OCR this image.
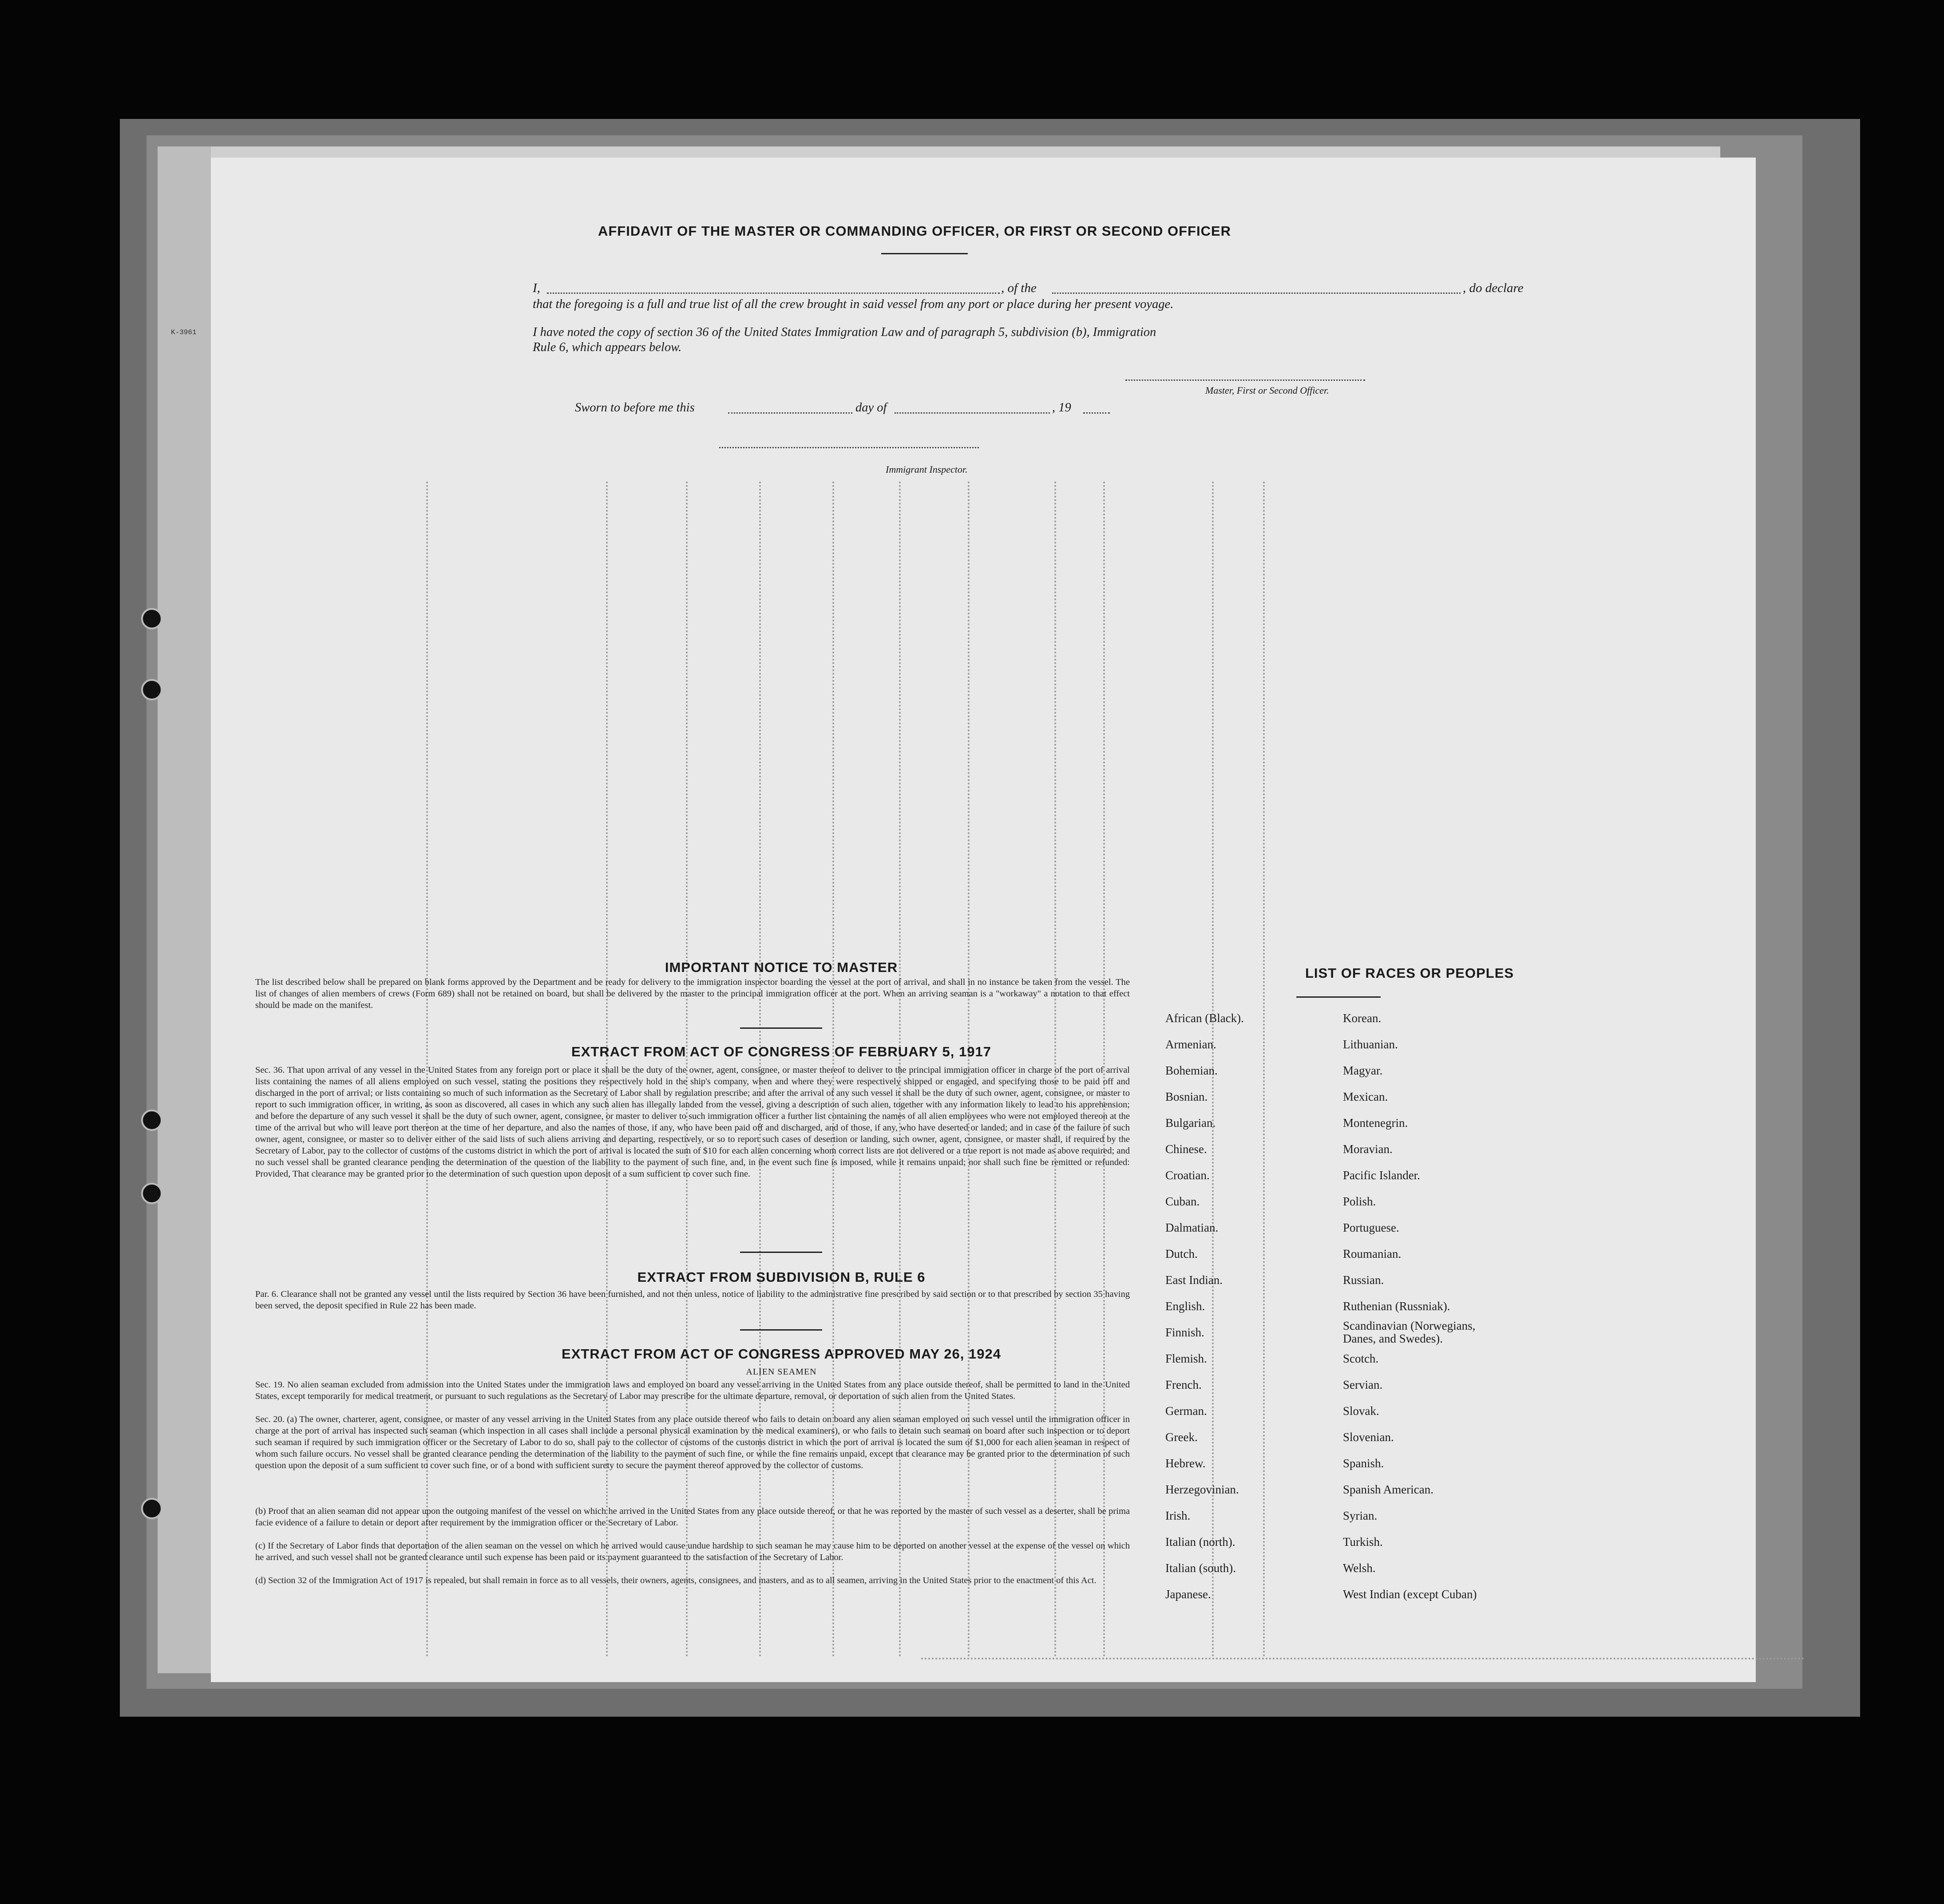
K-3961
AFFIDAVIT OF THE MASTER OR COMMANDING OFFICER, OR FIRST OR SECOND OFFICER
I,	, of the	, do declare
that the foregoing is a full and true list of all the crew brought in said vessel from any port or place during her present voyage.
I have noted the copy of section 36 of the United States Immigration Law and of paragraph 5, subdivision (b), Immigration
Rule 6, which appears below.
Master, First or Second Officer.
Sworn to before me this	day of	, 19
Immigrant Inspector.
IMPORTANT NOTICE TO MASTER
The list described below shall be prepared on blank forms approved by the Department and be ready for delivery to the immigration inspector boarding the vessel at the port of arrival, and shall in no instance be taken from the vessel. The list of changes of alien members of crews (Form 689) shall not be retained on board, but shall be delivered by the master to the principal immigration officer at the port. When an arriving seaman is a "workaway" a notation to that effect should be made on the manifest.
EXTRACT FROM ACT OF CONGRESS OF FEBRUARY 5, 1917
Sec. 36. That upon arrival of any vessel in the United States from any foreign port or place it shall be the duty of the owner, agent, consignee, or master thereof to deliver to the principal immigration officer in charge of the port of arrival lists containing the names of all aliens employed on such vessel, stating the positions they respectively hold in the ship's company, when and where they were respectively shipped or engaged, and specifying those to be paid off and discharged in the port of arrival; or lists containing so much of such information as the Secretary of Labor shall by regulation prescribe; and after the arrival of any such vessel it shall be the duty of such owner, agent, consignee, or master to report to such immigration officer, in writing, as soon as discovered, all cases in which any such alien has illegally landed from the vessel, giving a description of such alien, together with any information likely to lead to his apprehension; and before the departure of any such vessel it shall be the duty of such owner, agent, consignee, or master to deliver to such immigration officer a further list containing the names of all alien employees who were not employed thereon at the time of the arrival but who will leave port thereon at the time of her departure, and also the names of those, if any, who have been paid off and discharged, and of those, if any, who have deserted or landed; and in case of the failure of such owner, agent, consignee, or master so to deliver either of the said lists of such aliens arriving and departing, respectively, or so to report such cases of desertion or landing, such owner, agent, consignee, or master shall, if required by the Secretary of Labor, pay to the collector of customs of the customs district in which the port of arrival is located the sum of $10 for each alien concerning whom correct lists are not delivered or a true report is not made as above required; and no such vessel shall be granted clearance pending the determination of the question of the liability to the payment of such fine, and, in the event such fine is imposed, while it remains unpaid; nor shall such fine be remitted or refunded: Provided, That clearance may be granted prior to the determination of such question upon deposit of a sum sufficient to cover such fine.
EXTRACT FROM SUBDIVISION B, RULE 6
Par. 6. Clearance shall not be granted any vessel until the lists required by Section 36 have been furnished, and not then unless, notice of liability to the administrative fine prescribed by said section or to that prescribed by section 35 having been served, the deposit specified in Rule 22 has been made.
EXTRACT FROM ACT OF CONGRESS APPROVED MAY 26, 1924
ALIEN SEAMEN
Sec. 19. No alien seaman excluded from admission into the United States under the immigration laws and employed on board any vessel arriving in the United States from any place outside thereof, shall be permitted to land in the United States, except temporarily for medical treatment, or pursuant to such regulations as the Secretary of Labor may prescribe for the ultimate departure, removal, or deportation of such alien from the United States.
Sec. 20. (a) The owner, charterer, agent, consignee, or master of any vessel arriving in the United States from any place outside thereof who fails to detain on board any alien seaman employed on such vessel until the immigration officer in charge at the port of arrival has inspected such seaman (which inspection in all cases shall include a personal physical examination by the medical examiners), or who fails to detain such seaman on board after such inspection or to deport such seaman if required by such immigration officer or the Secretary of Labor to do so, shall pay to the collector of customs of the customs district in which the port of arrival is located the sum of $1,000 for each alien seaman in respect of whom such failure occurs. No vessel shall be granted clearance pending the determination of the liability to the payment of such fine, or while the fine remains unpaid, except that clearance may be granted prior to the determination of such question upon the deposit of a sum sufficient to cover such fine, or of a bond with sufficient surety to secure the payment thereof approved by the collector of customs.
(b) Proof that an alien seaman did not appear upon the outgoing manifest of the vessel on which he arrived in the United States from any place outside thereof, or that he was reported by the master of such vessel as a deserter, shall be prima facie evidence of a failure to detain or deport after requirement by the immigration officer or the Secretary of Labor.
(c) If the Secretary of Labor finds that deportation of the alien seaman on the vessel on which he arrived would cause undue hardship to such seaman he may cause him to be deported on another vessel at the expense of the vessel on which he arrived, and such vessel shall not be granted clearance until such expense has been paid or its payment guaranteed to the satisfaction of the Secretary of Labor.
(d) Section 32 of the Immigration Act of 1917 is repealed, but shall remain in force as to all vessels, their owners, agents, consignees, and masters, and as to all seamen, arriving in the United States prior to the enactment of this Act.
LIST OF RACES OR PEOPLES
African (Black).
Armenian.
Bohemian.
Bosnian.
Bulgarian.
Chinese.
Croatian.
Cuban.
Dalmatian.
Dutch.
East Indian.
English.
Finnish.
Flemish.
French.
German.
Greek.
Hebrew.
Herzegovinian.
Irish.
Italian (north).
Italian (south).
Japanese.
Korean.
Lithuanian.
Magyar.
Mexican.
Montenegrin.
Moravian.
Pacific Islander.
Polish.
Portuguese.
Roumanian.
Russian.
Ruthenian (Russniak).
Scandinavian (Norwegians,
Danes, and Swedes).
Scotch.
Servian.
Slovak.
Slovenian.
Spanish.
Spanish American.
Syrian.
Turkish.
Welsh.
West Indian (except Cuban)
